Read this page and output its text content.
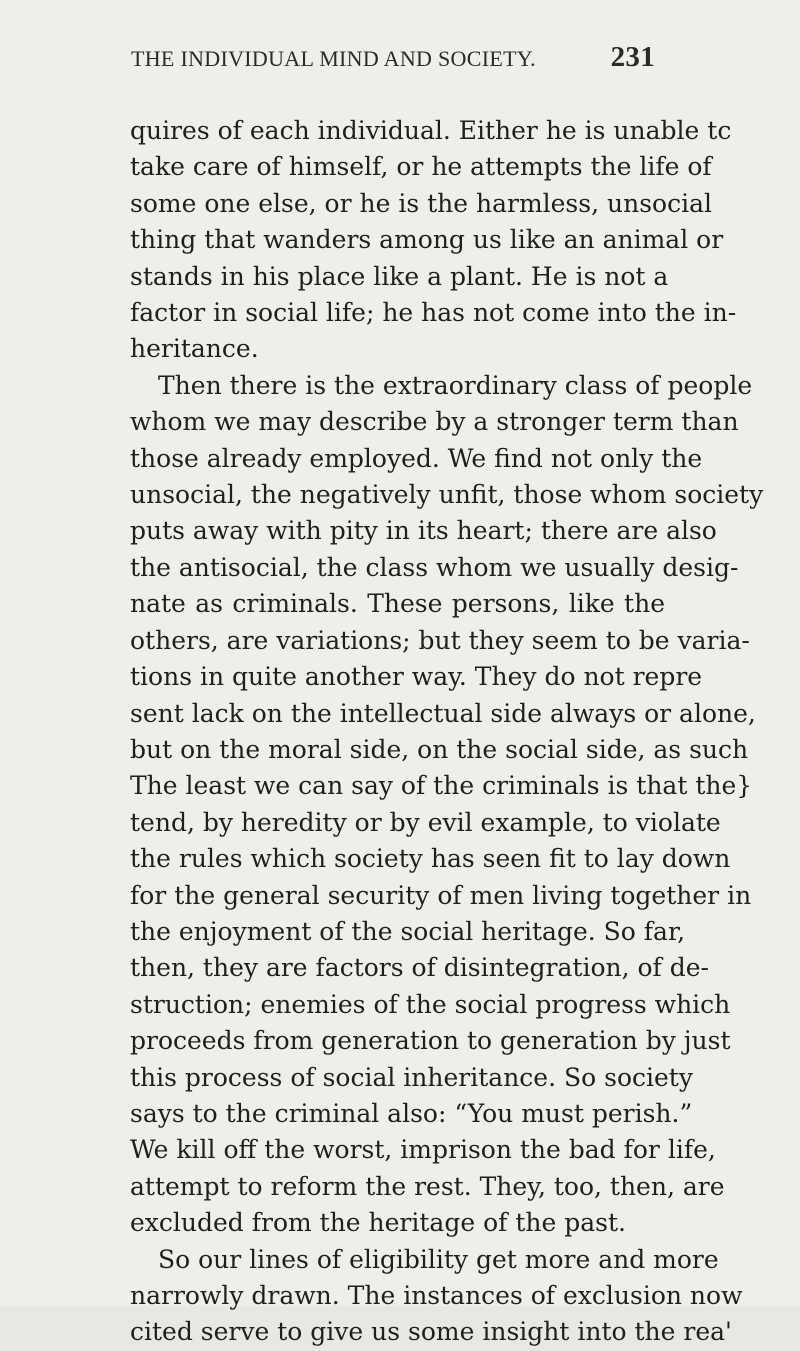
THE INDIVIDUAL MIND AND SOCIETY.	231
quires of each individual. Either he is unable tc
take care of himself, or he attempts the life of
some one else, or he is the harmless, unsocial
thing that wanders among us like an animal or
stands in his place like a plant. He is not a
factor in social life; he has not come into the in-
heritance.
Then there is the extraordinary class of people
whom we may describe by a stronger term than
those already employed. We find not only the
unsocial, the negatively unfit, those whom society
puts away with pity in its heart; there are also
the antisocial, the class whom we usually desig-
nate as criminals. These persons, like the
others, are variations; but they seem to be varia-
tions in quite another way. They do not repre
sent lack on the intellectual side always or alone,
but on the moral side, on the social side, as such
The least we can say of the criminals is that the}
tend, by heredity or by evil example, to violate
the rules which society has seen fit to lay down
for the general security of men living together in
the enjoyment of the social heritage. So far,
then, they are factors of disintegration, of de-
struction; enemies of the social progress which
proceeds from generation to generation by just
this process of social inheritance. So society
says to the criminal also: “You must perish.”
We kill off the worst, imprison the bad for life,
attempt to reform the rest. They, too, then, are
excluded from the heritage of the past.
So our lines of eligibility get more and more
narrowly drawn. The instances of exclusion now
cited serve to give us some insight into the rea'
